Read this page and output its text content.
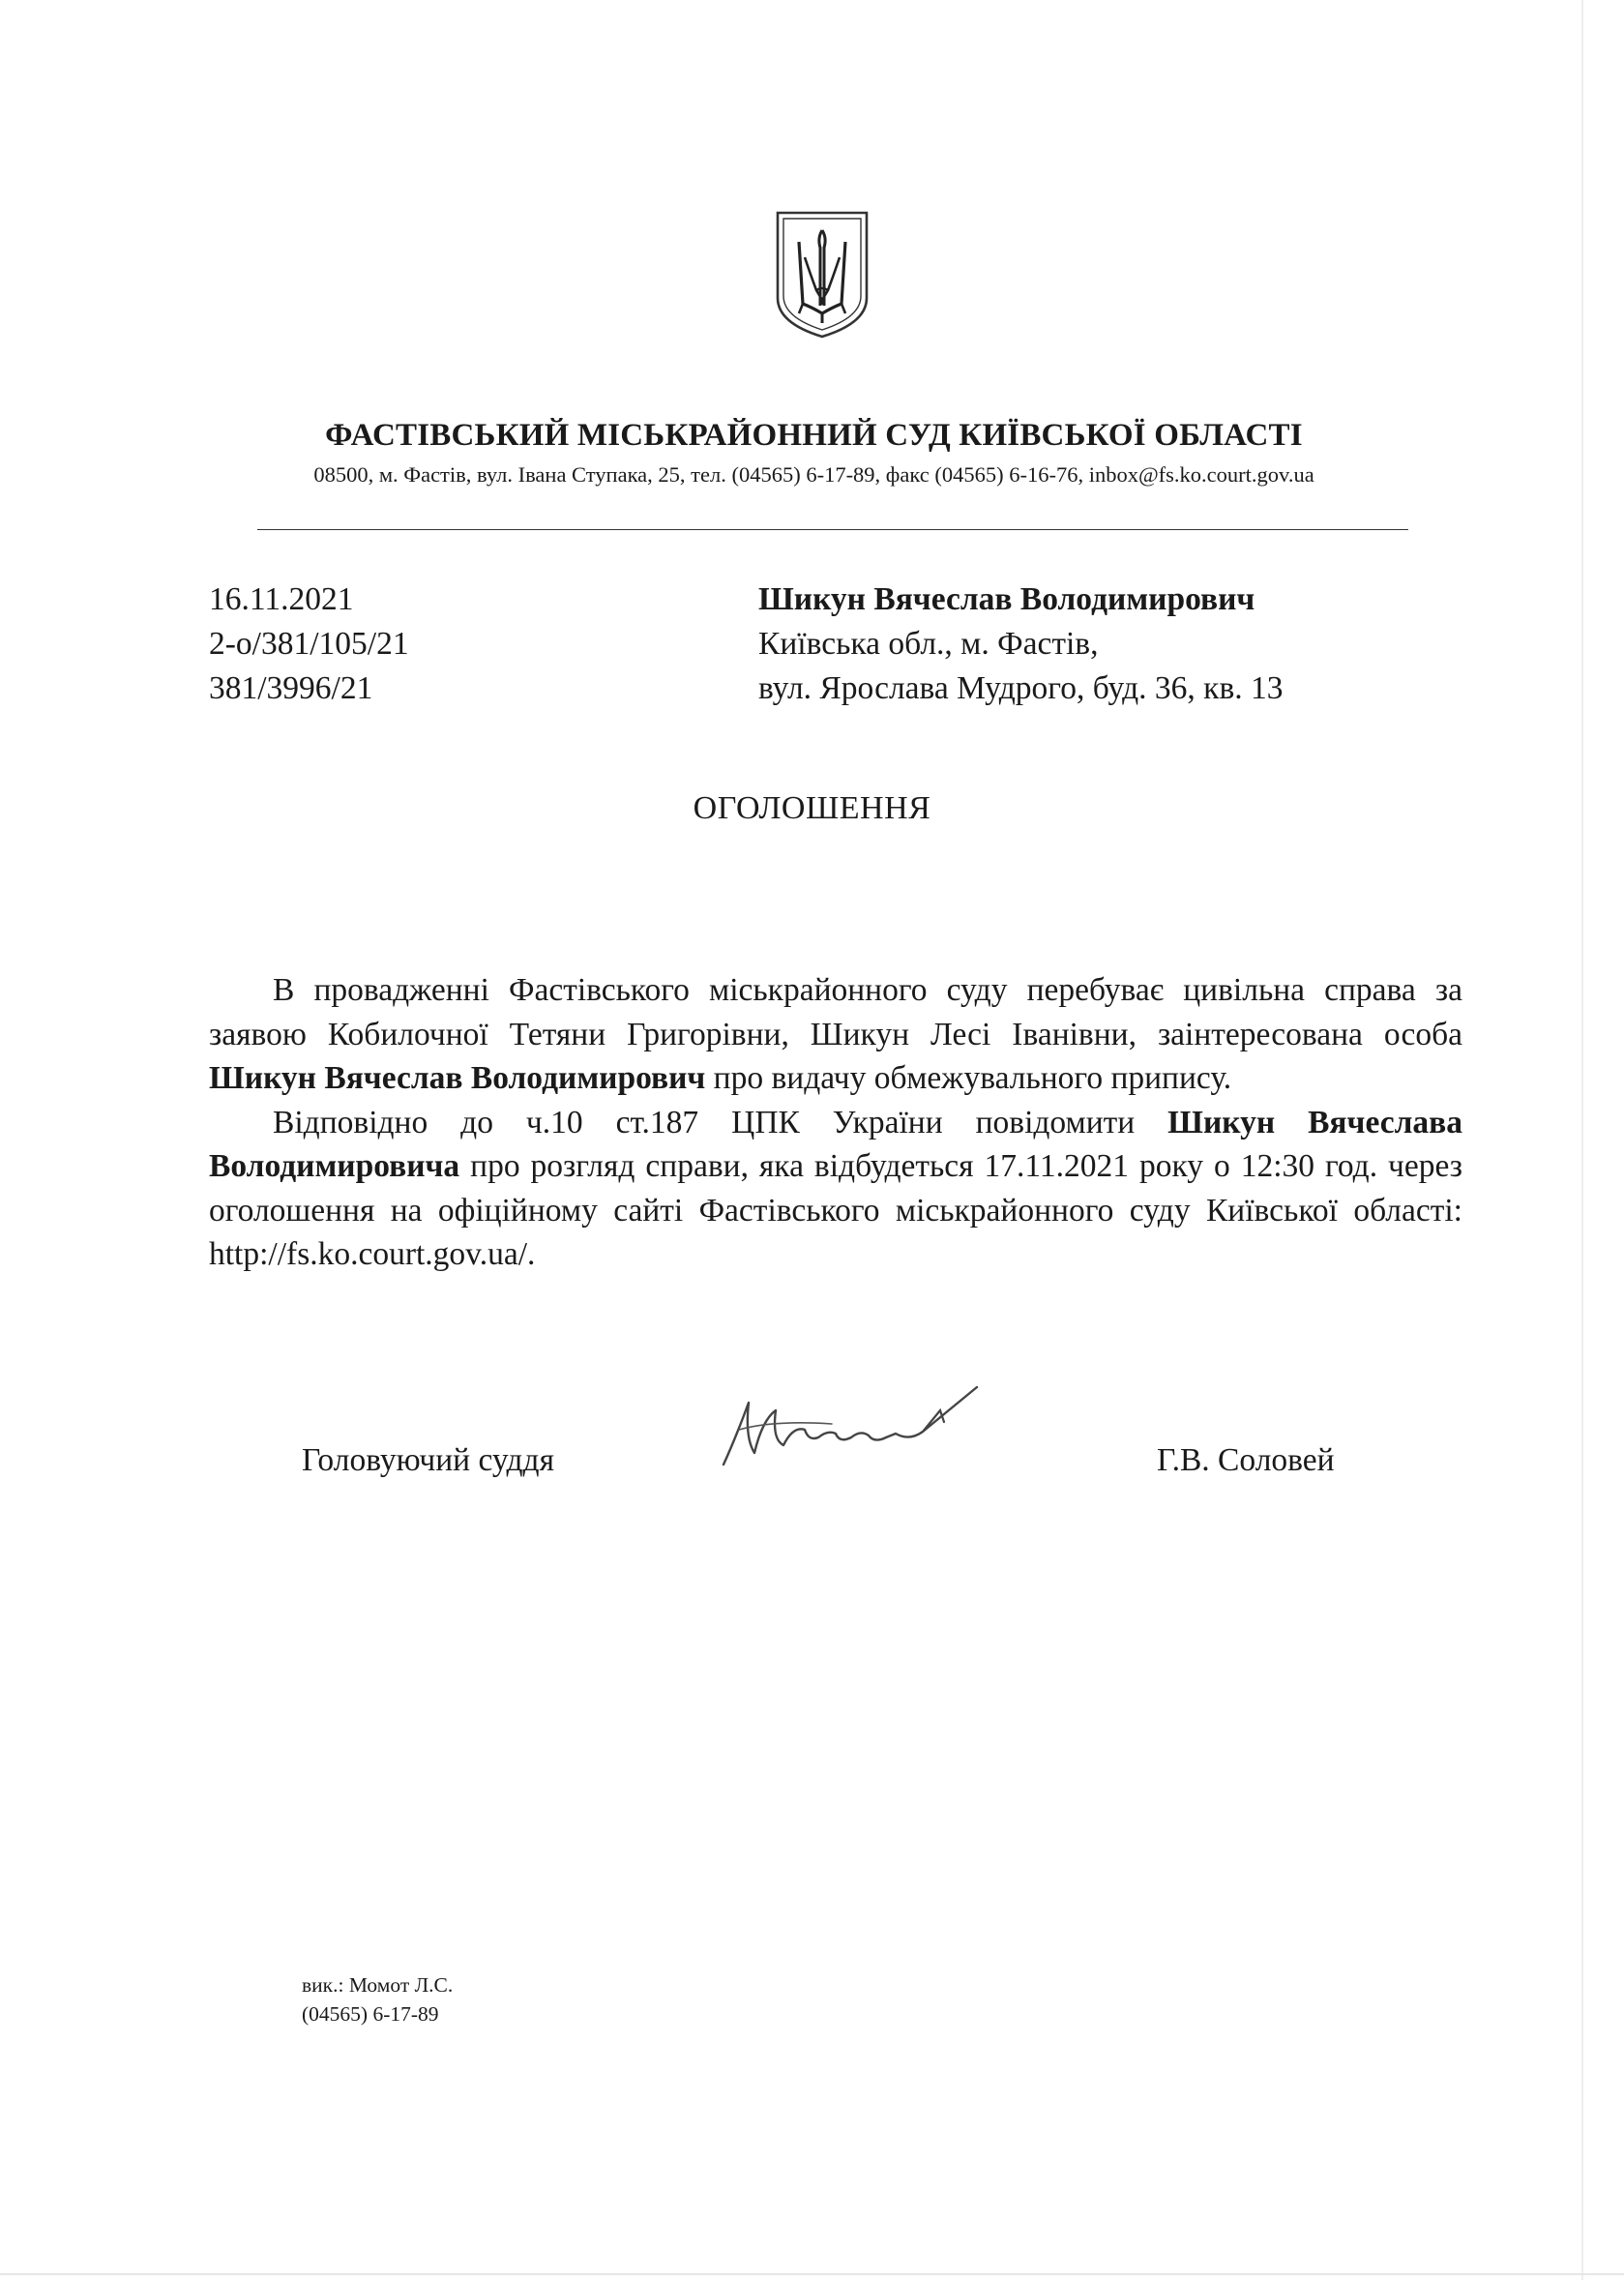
ФАСТІВСЬКИЙ МІСЬКРАЙОННИЙ СУД КИЇВСЬКОЇ ОБЛАСТІ
08500, м. Фастів, вул. Івана Ступака, 25, тел. (04565) 6-17-89, факс (04565) 6-16-76, inbox@fs.ko.court.gov.ua
16.11.2021
2-о/381/105/21
381/3996/21
Шикун Вячеслав Володимирович
Київська обл., м. Фастів,
вул. Ярослава Мудрого, буд. 36, кв. 13
ОГОЛОШЕННЯ

В провадженні Фастівського міськрайонного суду перебуває цивільна справа за заявою Кобилочної Тетяни Григорівни, Шикун Лесі Іванівни, заінтересована особа Шикун Вячеслав Володимирович про видачу обмежувального припису.

Відповідно до ч.10 ст.187 ЦПК України повідомити Шикун Вячеслава Володимировича про розгляд справи, яка відбудеться 17.11.2021 року о 12:30 год. через оголошення на офіційному сайті Фастівського міськрайонного суду Київської області: http://fs.ko.court.gov.ua/.

Головуючий суддя	Г.В. Соловей
вик.: Момот Л.С.
(04565) 6-17-89
